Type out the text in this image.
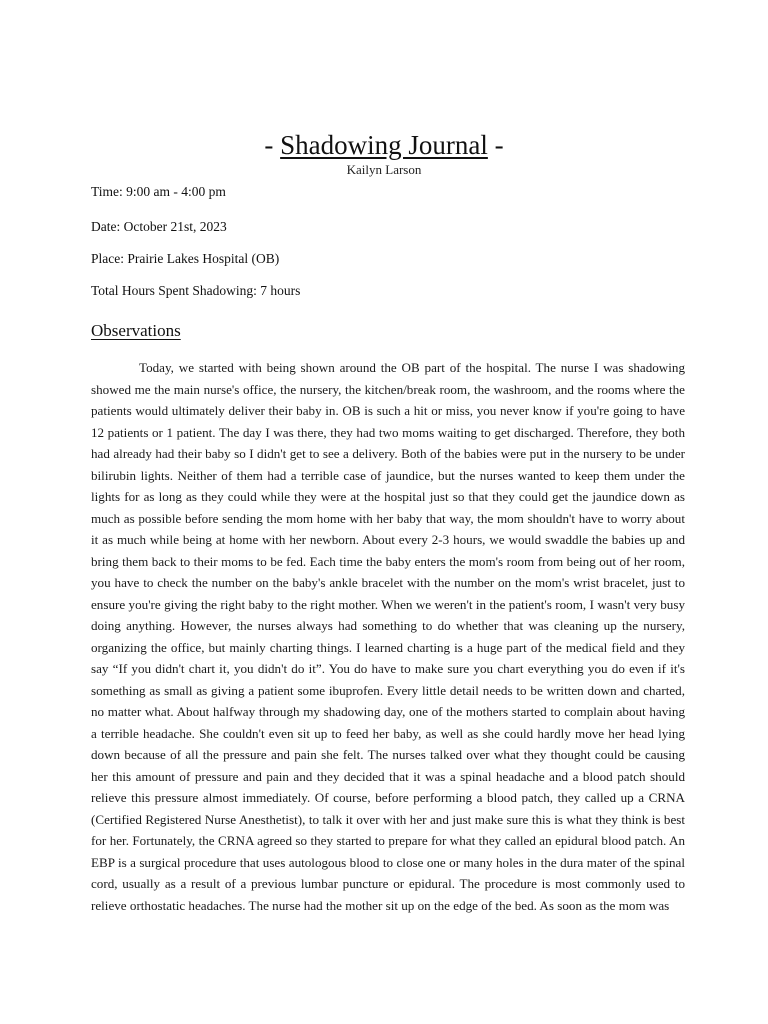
- Shadowing Journal -
Kailyn Larson
Time: 9:00 am - 4:00 pm
Date: October 21st, 2023
Place: Prairie Lakes Hospital (OB)
Total Hours Spent Shadowing: 7 hours
Observations

Today, we started with being shown around the OB part of the hospital. The nurse I was shadowing showed me the main nurse's office, the nursery, the kitchen/break room, the washroom, and the rooms where the patients would ultimately deliver their baby in. OB is such a hit or miss, you never know if you're going to have 12 patients or 1 patient. The day I was there, they had two moms waiting to get discharged. Therefore, they both had already had their baby so I didn't get to see a delivery. Both of the babies were put in the nursery to be under bilirubin lights. Neither of them had a terrible case of jaundice, but the nurses wanted to keep them under the lights for as long as they could while they were at the hospital just so that they could get the jaundice down as much as possible before sending the mom home with her baby that way, the mom shouldn't have to worry about it as much while being at home with her newborn. About every 2-3 hours, we would swaddle the babies up and bring them back to their moms to be fed. Each time the baby enters the mom's room from being out of her room, you have to check the number on the baby's ankle bracelet with the number on the mom's wrist bracelet, just to ensure you're giving the right baby to the right mother. When we weren't in the patient's room, I wasn't very busy doing anything. However, the nurses always had something to do whether that was cleaning up the nursery, organizing the office, but mainly charting things. I learned charting is a huge part of the medical field and they say “If you didn't chart it, you didn't do it”. You do have to make sure you chart everything you do even if it's something as small as giving a patient some ibuprofen. Every little detail needs to be written down and charted, no matter what. About halfway through my shadowing day, one of the mothers started to complain about having a terrible headache. She couldn't even sit up to feed her baby, as well as she could hardly move her head lying down because of all the pressure and pain she felt. The nurses talked over what they thought could be causing her this amount of pressure and pain and they decided that it was a spinal headache and a blood patch should relieve this pressure almost immediately. Of course, before performing a blood patch, they called up a CRNA (Certified Registered Nurse Anesthetist), to talk it over with her and just make sure this is what they think is best for her. Fortunately, the CRNA agreed so they started to prepare for what they called an epidural blood patch. An EBP is a surgical procedure that uses autologous blood to close one or many holes in the dura mater of the spinal cord, usually as a result of a previous lumbar puncture or epidural. The procedure is most commonly used to relieve orthostatic headaches. The nurse had the mother sit up on the edge of the bed. As soon as the mom was
